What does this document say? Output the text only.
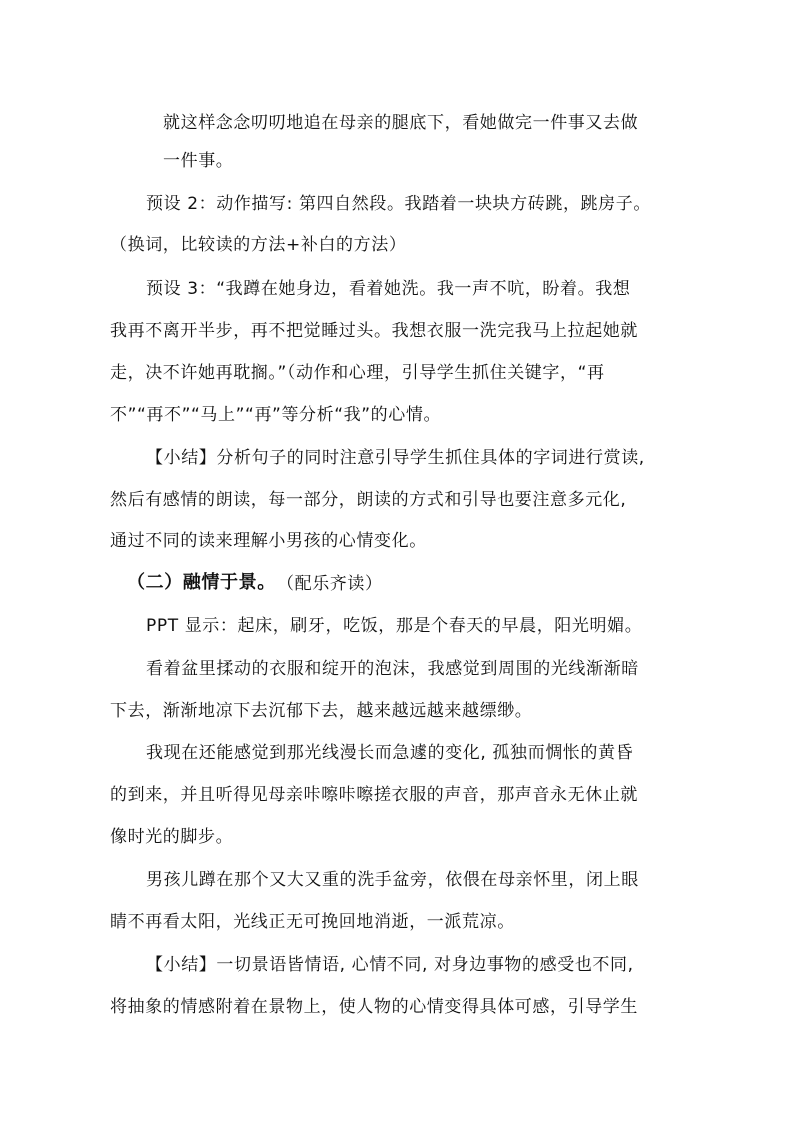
就这样念念叨叨地追在母亲的腿底下，看她做完一件事又去做
一件事。
预设 2：动作描写: 第四自然段。我踏着一块块方砖跳，跳房子。
（换词，比较读的方法+补白的方法）
预设 3：“我蹲在她身边，看着她洗。我一声不吭，盼着。我想
我再不离开半步，再不把觉睡过头。我想衣服一洗完我马上拉起她就
走，决不许她再耽搁。”（动作和心理，引导学生抓住关键字，“再
不”“再不”“马上”“再”等分析“我”的心情。
【小结】分析句子的同时注意引导学生抓住具体的字词进行赏读,
然后有感情的朗读，每一部分，朗读的方式和引导也要注意多元化,
通过不同的读来理解小男孩的心情变化。
（二）融情于景。 （配乐齐读）
PPT 显示：起床，刷牙，吃饭，那是个春天的早晨，阳光明媚。
看着盆里揉动的衣服和绽开的泡沫，我感觉到周围的光线渐渐暗
下去，渐渐地凉下去沉郁下去，越来越远越来越缥缈。
我现在还能感觉到那光线漫长而急遽的变化, 孤独而惆怅的黄昏
的到来，并且听得见母亲咔嚓咔嚓搓衣服的声音，那声音永无休止就
像时光的脚步。
男孩儿蹲在那个又大又重的洗手盆旁，依偎在母亲怀里，闭上眼
睛不再看太阳，光线正无可挽回地消逝，一派荒凉。
【小结】一切景语皆情语, 心情不同, 对身边事物的感受也不同,
将抽象的情感附着在景物上，使人物的心情变得具体可感，引导学生
